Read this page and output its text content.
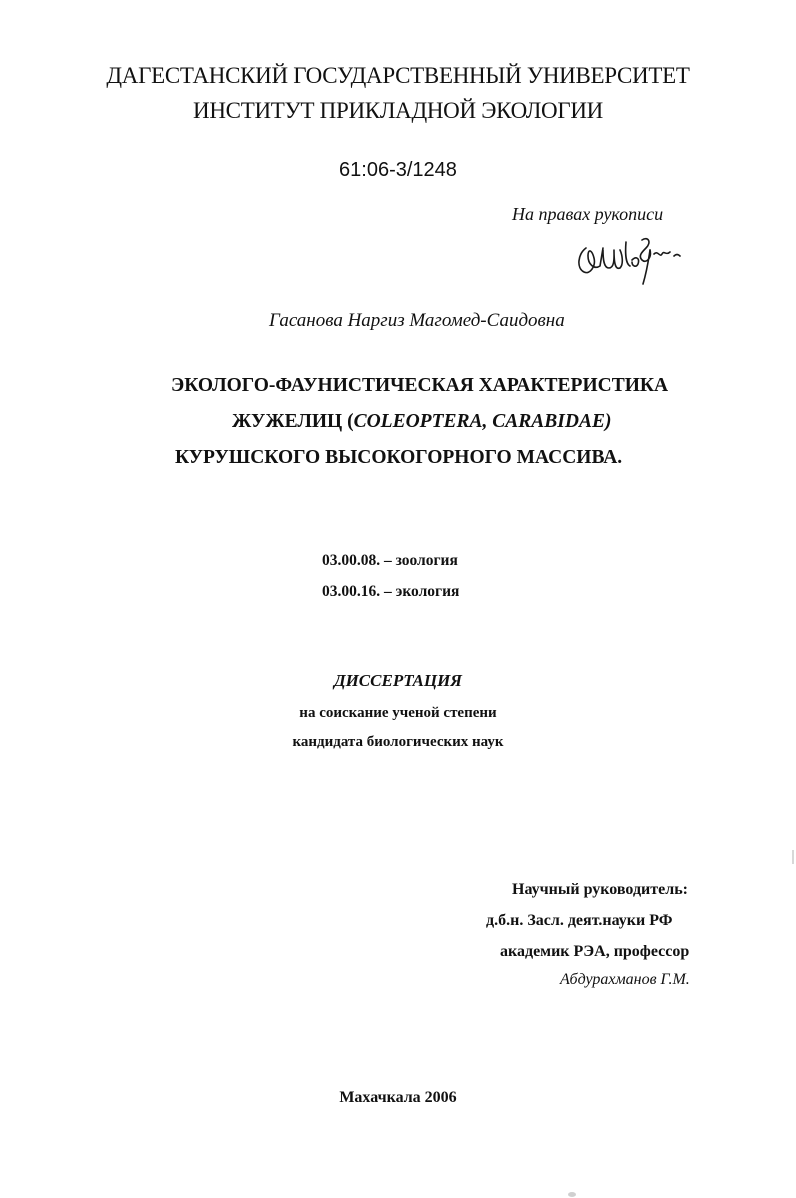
ДАГЕСТАНСКИЙ ГОСУДАРСТВЕННЫЙ УНИВЕРСИТЕТ
ИНСТИТУТ ПРИКЛАДНОЙ ЭКОЛОГИИ
61:06-3/1248
На правах рукописи
Гасанова Наргиз Магомед-Саидовна
ЭКОЛОГО-ФАУНИСТИЧЕСКАЯ ХАРАКТЕРИСТИКА
ЖУЖЕЛИЦ (COLEOPTERA, CARABIDAE)
КУРУШСКОГО ВЫСОКОГОРНОГО МАССИВА.
03.00.08. – зоология
03.00.16. – экология
ДИССЕРТАЦИЯ
на соискание ученой степени
кандидата биологических наук
Научный руководитель:
д.б.н. Засл. деят.науки РФ
академик РЭА, профессор
Абдурахманов Г.М.
Махачкала 2006
